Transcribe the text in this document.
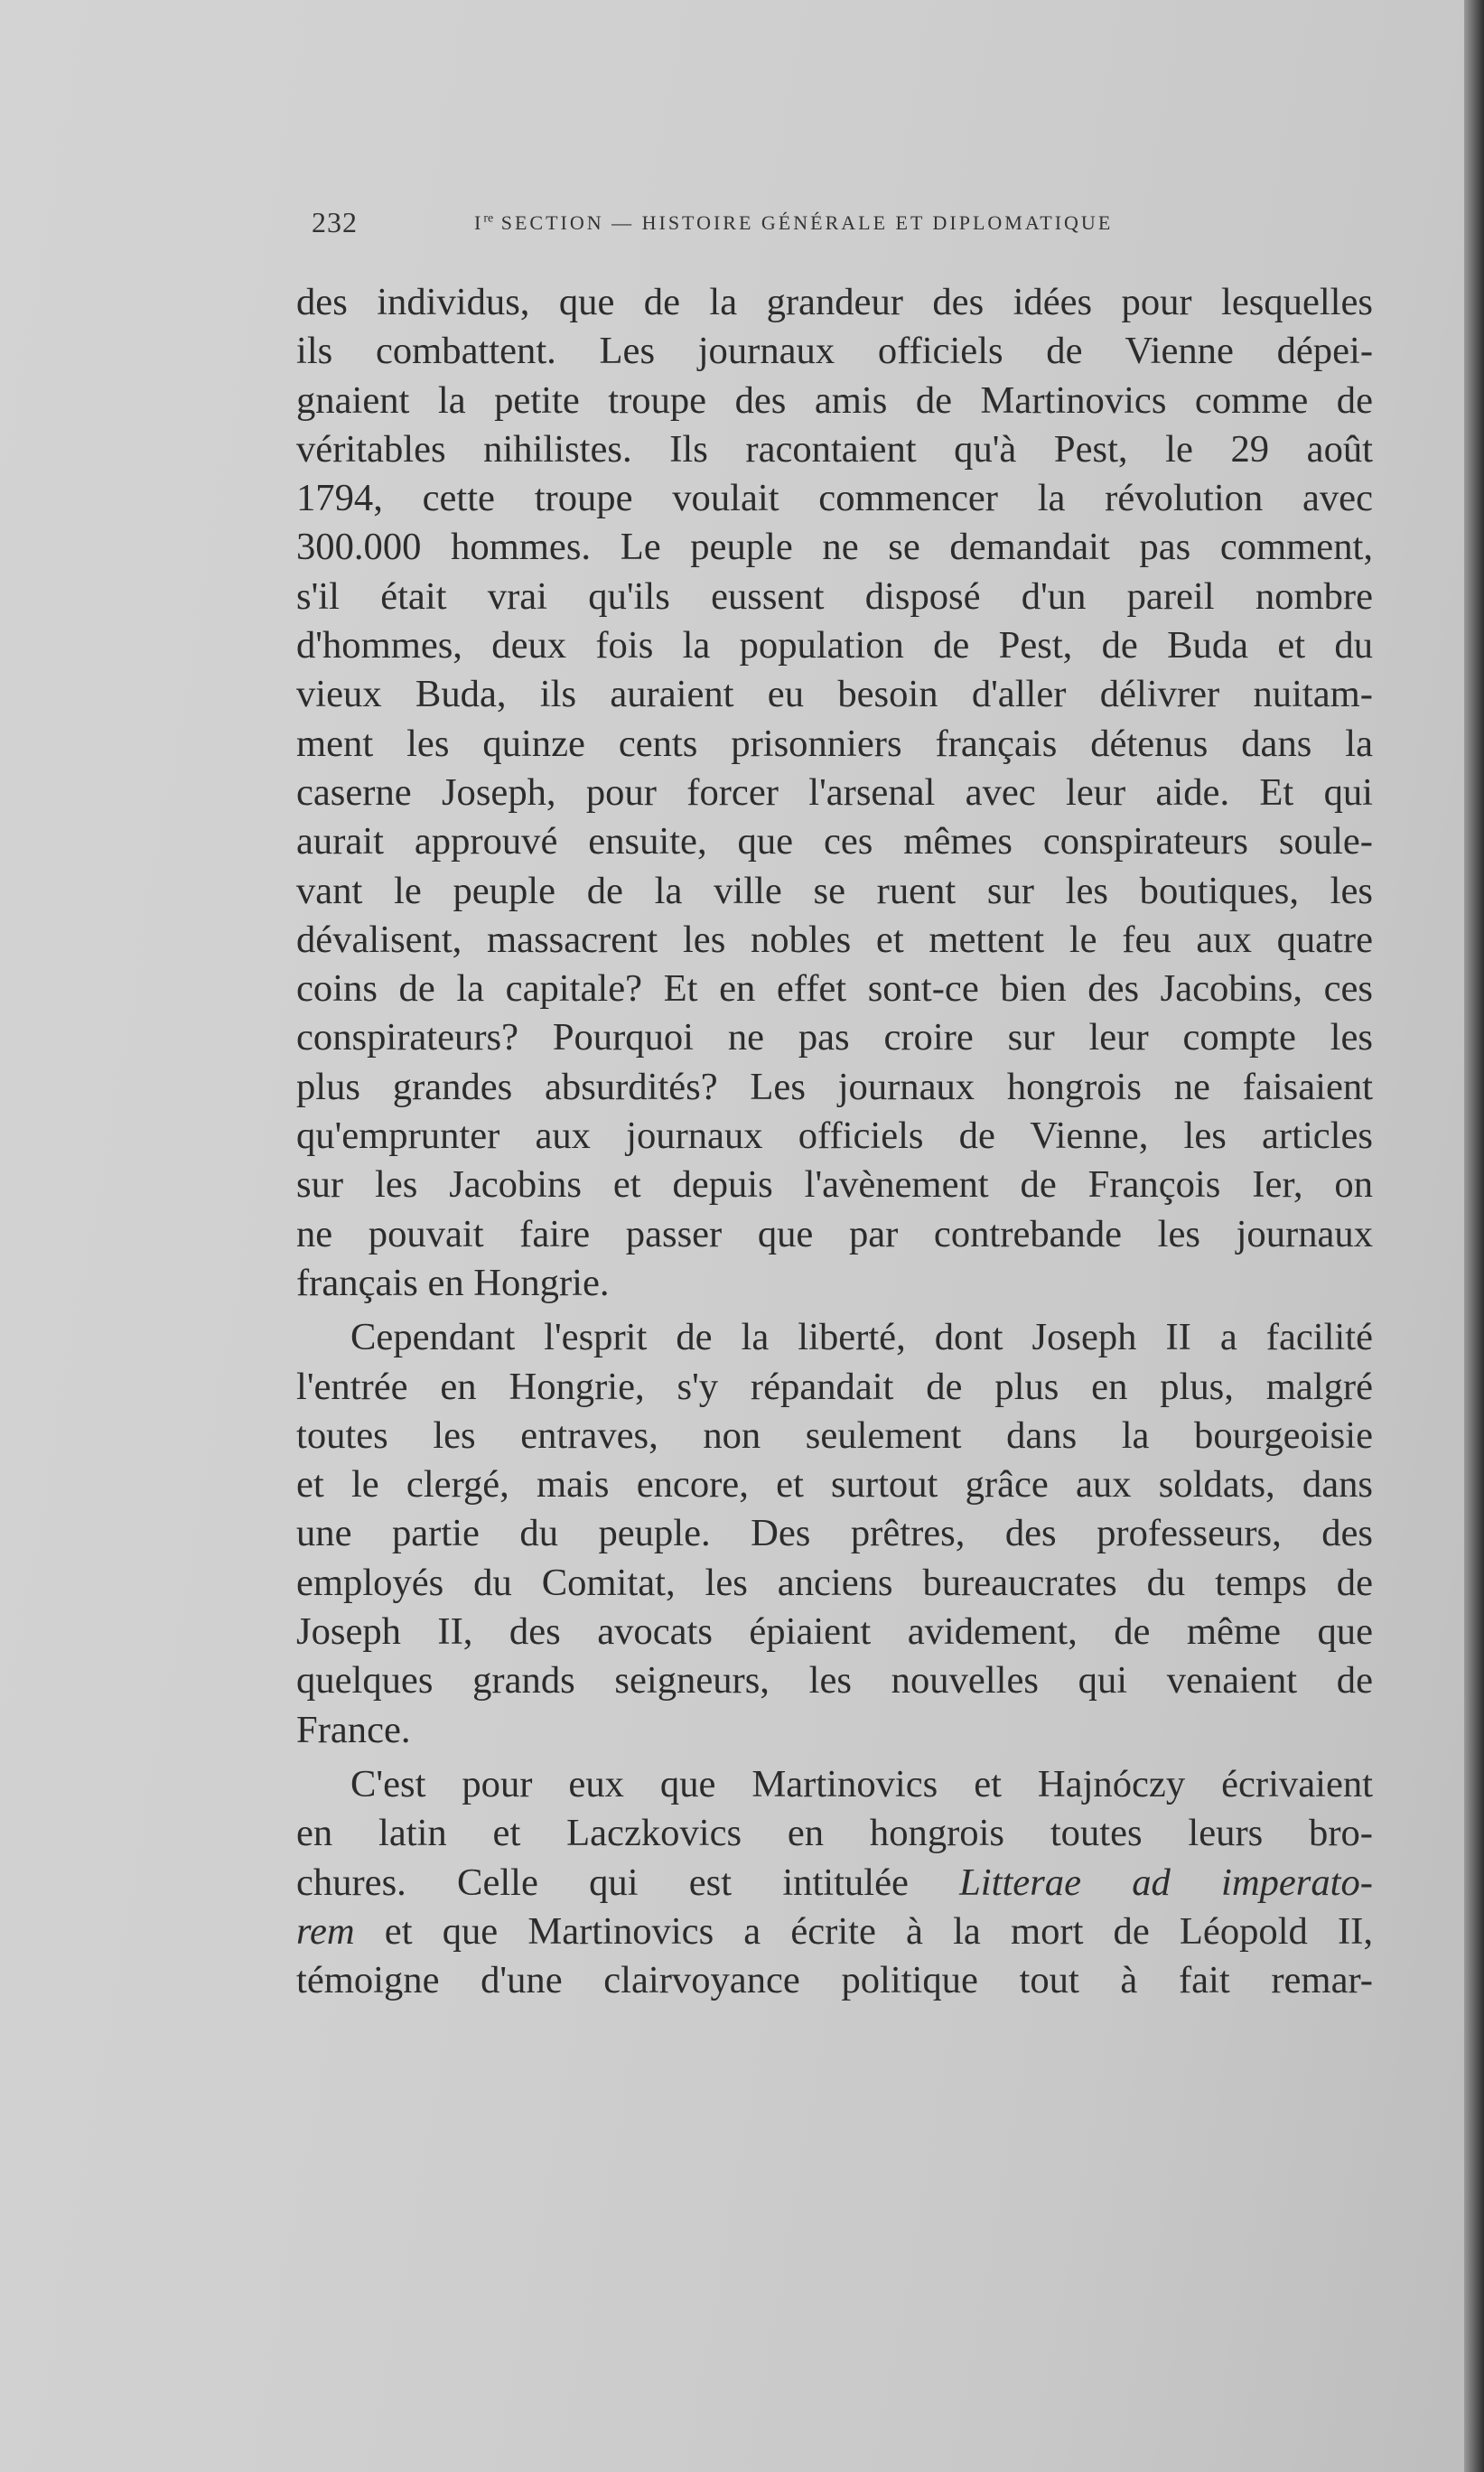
232	Ire SECTION — HISTOIRE GÉNÉRALE ET DIPLOMATIQUE
des individus, que de la grandeur des idées pour lesquelles
ils combattent. Les journaux officiels de Vienne dépei-
gnaient la petite troupe des amis de Martinovics comme de
véritables nihilistes. Ils racontaient qu'à Pest, le 29 août
1794, cette troupe voulait commencer la révolution avec
300.000 hommes. Le peuple ne se demandait pas comment,
s'il était vrai qu'ils eussent disposé d'un pareil nombre
d'hommes, deux fois la population de Pest, de Buda et du
vieux Buda, ils auraient eu besoin d'aller délivrer nuitam-
ment les quinze cents prisonniers français détenus dans la
caserne Joseph, pour forcer l'arsenal avec leur aide. Et qui
aurait approuvé ensuite, que ces mêmes conspirateurs soule-
vant le peuple de la ville se ruent sur les boutiques, les
dévalisent, massacrent les nobles et mettent le feu aux quatre
coins de la capitale? Et en effet sont-ce bien des Jacobins, ces
conspirateurs? Pourquoi ne pas croire sur leur compte les
plus grandes absurdités? Les journaux hongrois ne faisaient
qu'emprunter aux journaux officiels de Vienne, les articles
sur les Jacobins et depuis l'avènement de François Ier, on
ne pouvait faire passer que par contrebande les journaux
français en Hongrie.
Cependant l'esprit de la liberté, dont Joseph II a facilité
l'entrée en Hongrie, s'y répandait de plus en plus, malgré
toutes les entraves, non seulement dans la bourgeoisie
et le clergé, mais encore, et surtout grâce aux soldats, dans
une partie du peuple. Des prêtres, des professeurs, des
employés du Comitat, les anciens bureaucrates du temps de
Joseph II, des avocats épiaient avidement, de même que
quelques grands seigneurs, les nouvelles qui venaient de
France.
C'est pour eux que Martinovics et Hajnóczy écrivaient
en latin et Laczkovics en hongrois toutes leurs bro-
chures. Celle qui est intitulée Litterae ad imperato-
rem et que Martinovics a écrite à la mort de Léopold II,
témoigne d'une clairvoyance politique tout à fait remar-
